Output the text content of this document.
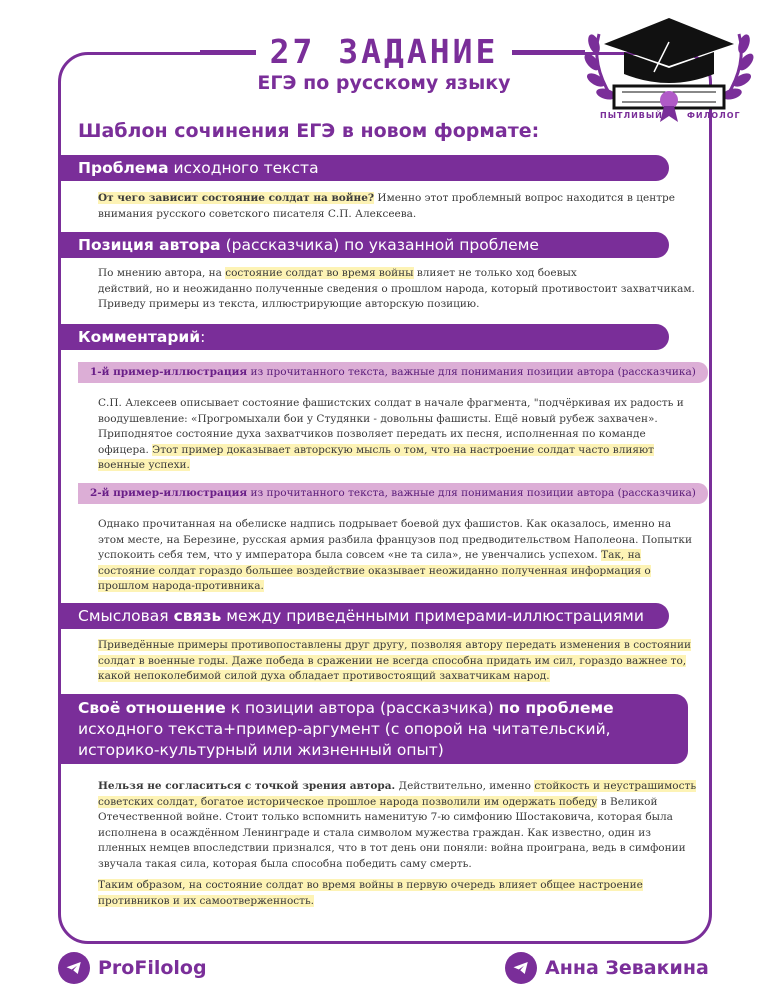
27 ЗАДАНИЕ
ЕГЭ по русскому языку
ПЫТЛИВЫЙ	ФИЛОЛОГ
Шаблон сочинения ЕГЭ в новом формате:
Проблема исходного текста
От чего зависит состояние солдат на войне? Именно этот проблемный вопрос находится в центре
внимания русского советского писателя С.П. Алексеева.
Позиция автора (рассказчика) по указанной проблеме
По мнению автора, на состояние солдат во время войны влияет не только ход боевых
действий, но и неожиданно полученные сведения о прошлом народа, который противостоит захватчикам.
Приведу примеры из текста, иллюстрирующие авторскую позицию.
Комментарий:
1-й пример-иллюстрация из прочитанного текста, важные для понимания позиции автора (рассказчика)
С.П. Алексеев описывает состояние фашистских солдат в начале фрагмента, "подчёркивая их радость и
воодушевление: «Прогромыхали бои у Студянки - довольны фашисты. Ещё новый рубеж захвачен».
Приподнятое состояние духа захватчиков позволяет передать их песня, исполненная по команде
офицера. Этот пример доказывает авторскую мысль о том, что на настроение солдат часто влияют
военные успехи.
2-й пример-иллюстрация из прочитанного текста, важные для понимания позиции автора (рассказчика)
Однако прочитанная на обелиске надпись подрывает боевой дух фашистов. Как оказалось, именно на
этом месте, на Березине, русская армия разбила французов под предводительством Наполеона. Попытки
успокоить себя тем, что у императора была совсем «не та сила», не увенчались успехом. Так, на
состояние солдат гораздо большее воздействие оказывает неожиданно полученная информация о
прошлом народа-противника.
Смысловая связь между приведёнными примерами-иллюстрациями
Приведённые примеры противопоставлены друг другу, позволяя автору передать изменения в состоянии
солдат в военные годы. Даже победа в сражении не всегда способна придать им сил, гораздо важнее то,
какой непоколебимой силой духа обладает противостоящий захватчикам народ.
Своё отношение к позиции автора (рассказчика) по проблеме
исходного текста+пример-аргумент (с опорой на читательский,
историко-культурный или жизненный опыт)
Нельзя не согласиться с точкой зрения автора. Действительно, именно стойкость и неустрашимость
советских солдат, богатое историческое прошлое народа позволили им одержать победу в Великой
Отечественной войне. Стоит только вспомнить наменитую 7-ю симфонию Шостаковича, которая была
исполнена в осаждённом Ленинграде и стала символом мужества граждан. Как известно, один из
пленных немцев впоследствии признался, что в тот день они поняли: война проиграна, ведь в симфонии
звучала такая сила, которая была способна победить саму смерть.
Таким образом, на состояние солдат во время войны в первую очередь влияет общее настроение
противников и их самоотверженность.
ProFilolog	Анна Зевакина
